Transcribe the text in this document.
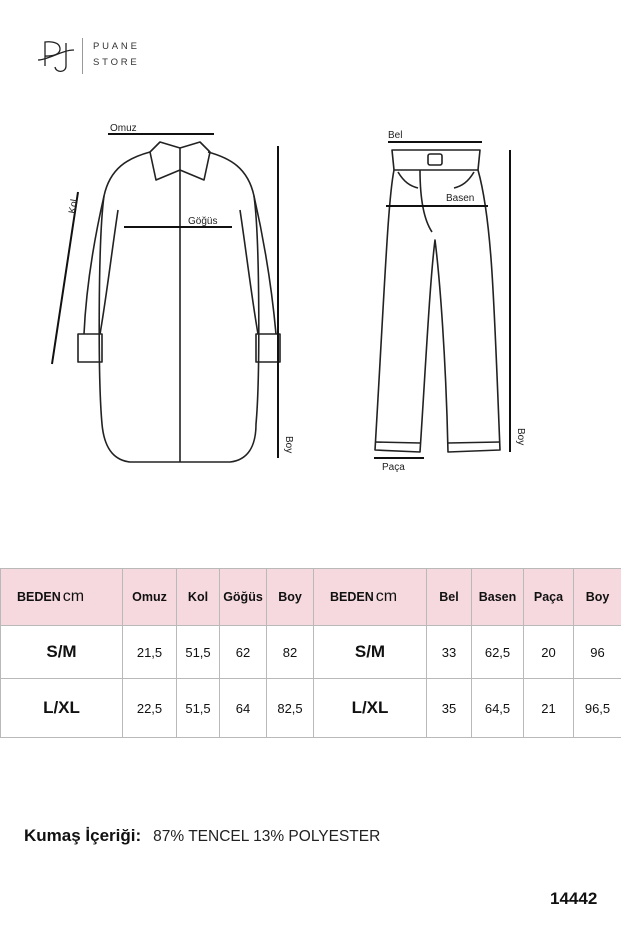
PUANE
STORE
Omuz
Göğüs
Kol
Boy
Bel
Basen
Paça
Boy
BEDEN cm	Omuz	Kol	Göğüs	Boy
S/M	21,5	51,5	62	82
L/XL	22,5	51,5	64	82,5
BEDEN cm	Bel	Basen	Paça	Boy
S/M	33	62,5	20	96
L/XL	35	64,5	21	96,5
Kumaş İçeriği: 87% TENCEL 13% POLYESTER
14442
